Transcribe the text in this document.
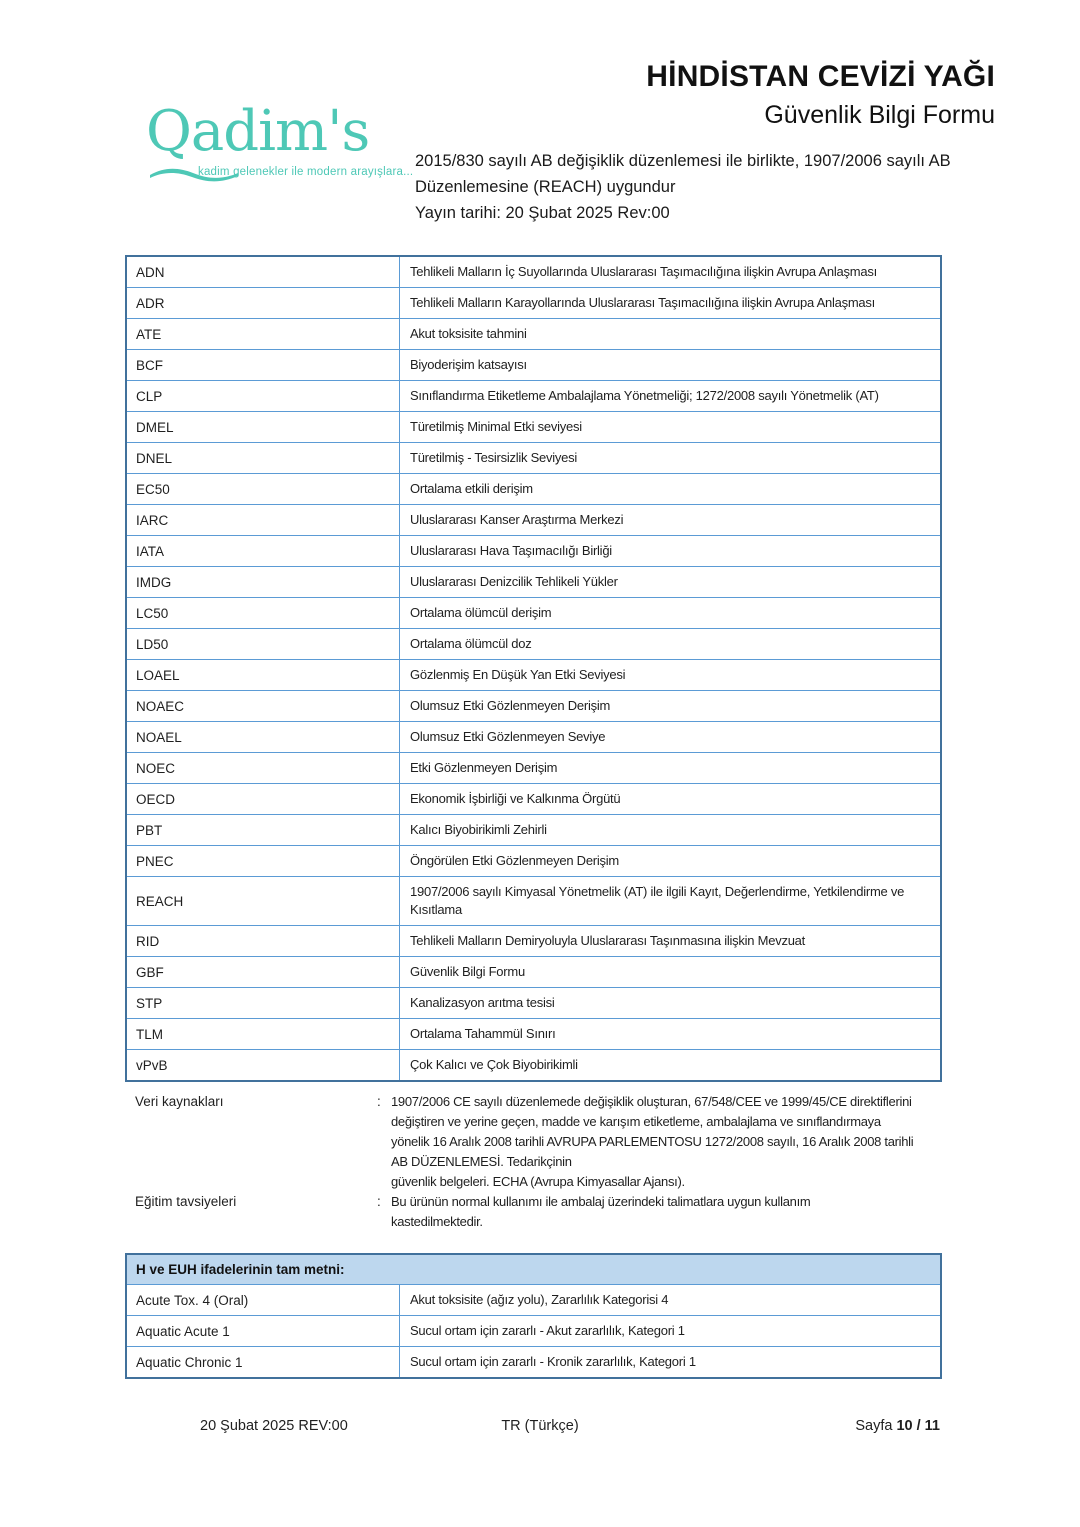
Qadim's
kadim gelenekler ile modern arayışlara...
HİNDİSTAN CEVİZİ YAĞI
Güvenlik Bilgi Formu
2015/830 sayılı AB değişiklik düzenlemesi ile birlikte, 1907/2006 sayılı AB
Düzenlemesine (REACH) uygundur
Yayın tarihi: 20 Şubat 2025 Rev:00
ADN	Tehlikeli Malların İç Suyollarında Uluslararası Taşımacılığına ilişkin Avrupa Anlaşması
ADR	Tehlikeli Malların Karayollarında Uluslararası Taşımacılığına ilişkin Avrupa Anlaşması
ATE	Akut toksisite tahmini
BCF	Biyoderişim katsayısı
CLP	Sınıflandırma Etiketleme Ambalajlama Yönetmeliği; 1272/2008 sayılı Yönetmelik (AT)
DMEL	Türetilmiş Minimal Etki seviyesi
DNEL	Türetilmiş - Tesirsizlik Seviyesi
EC50	Ortalama etkili derişim
IARC	Uluslararası Kanser Araştırma Merkezi
IATA	Uluslararası Hava Taşımacılığı Birliği
IMDG	Uluslararası Denizcilik Tehlikeli Yükler
LC50	Ortalama ölümcül derişim
LD50	Ortalama ölümcül doz
LOAEL	Gözlenmiş En Düşük Yan Etki Seviyesi
NOAEC	Olumsuz Etki Gözlenmeyen Derişim
NOAEL	Olumsuz Etki Gözlenmeyen Seviye
NOEC	Etki Gözlenmeyen Derişim
OECD	Ekonomik İşbirliği ve Kalkınma Örgütü
PBT	Kalıcı Biyobirikimli Zehirli
PNEC	Öngörülen Etki Gözlenmeyen Derişim
REACH	1907/2006 sayılı Kimyasal Yönetmelik (AT) ile ilgili Kayıt, Değerlendirme, Yetkilendirme ve Kısıtlama
RID	Tehlikeli Malların Demiryoluyla Uluslararası Taşınmasına ilişkin Mevzuat
GBF	Güvenlik Bilgi Formu
STP	Kanalizasyon arıtma tesisi
TLM	Ortalama Tahammül Sınırı
vPvB	Çok Kalıcı ve Çok Biyobirikimli
Veri kaynakları	: 1907/2006 CE sayılı düzenlemede değişiklik oluşturan, 67/548/CEE ve 1999/45/CE direktiflerini
değiştiren ve yerine geçen, madde ve karışım etiketleme, ambalajlama ve sınıflandırmaya
yönelik 16 Aralık 2008 tarihli AVRUPA PARLEMENTOSU 1272/2008 sayılı, 16 Aralık 2008 tarihli
AB DÜZENLEMESİ. Tedarikçinin
güvenlik belgeleri. ECHA (Avrupa Kimyasallar Ajansı).
Eğitim tavsiyeleri	: Bu ürünün normal kullanımı ile ambalaj üzerindeki talimatlara uygun kullanım
kastedilmektedir.
H ve EUH ifadelerinin tam metni:	
Acute Tox. 4 (Oral)	Akut toksisite (ağız yolu), Zararlılık Kategorisi 4
Aquatic Acute 1	Sucul ortam için zararlı - Akut zararlılık, Kategori 1
Aquatic Chronic 1	Sucul ortam için zararlı - Kronik zararlılık, Kategori 1
20 Şubat 2025 REV:00	TR (Türkçe)	Sayfa 10 / 11
